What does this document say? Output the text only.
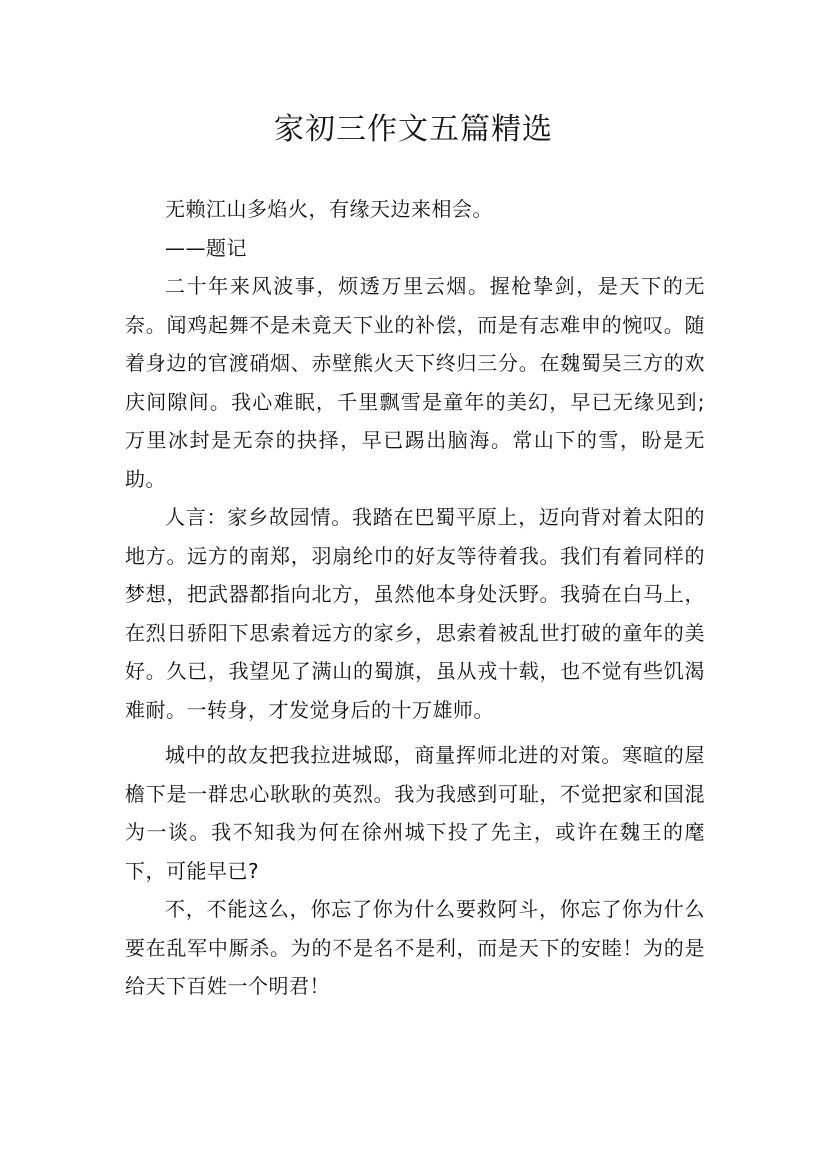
家初三作文五篇精选

无赖江山多焰火，有缘天边来相会。

——题记

二十年来风波事，烦透万里云烟。握枪挚剑，是天下的无奈。闻鸡起舞不是未竟天下业的补偿，而是有志难申的惋叹。随着身边的官渡硝烟、赤壁熊火天下终归三分。在魏蜀吴三方的欢庆间隙间。我心难眠，千里飘雪是童年的美幻，早已无缘见到;万里冰封是无奈的抉择，早已踢出脑海。常山下的雪，盼是无助。

人言：家乡故园情。我踏在巴蜀平原上，迈向背对着太阳的地方。远方的南郑，羽扇纶巾的好友等待着我。我们有着同样的梦想，把武器都指向北方，虽然他本身处沃野。我骑在白马上，在烈日骄阳下思索着远方的家乡，思索着被乱世打破的童年的美好。久已，我望见了满山的蜀旗，虽从戎十载，也不觉有些饥渴难耐。一转身，才发觉身后的十万雄师。

城中的故友把我拉进城邸，商量挥师北进的对策。寒暄的屋檐下是一群忠心耿耿的英烈。我为我感到可耻，不觉把家和国混为一谈。我不知我为何在徐州城下投了先主，或许在魏王的麾下，可能早已?

不，不能这么，你忘了你为什么要救阿斗，你忘了你为什么要在乱军中厮杀。为的不是名不是利，而是天下的安睦！为的是给天下百姓一个明君！
